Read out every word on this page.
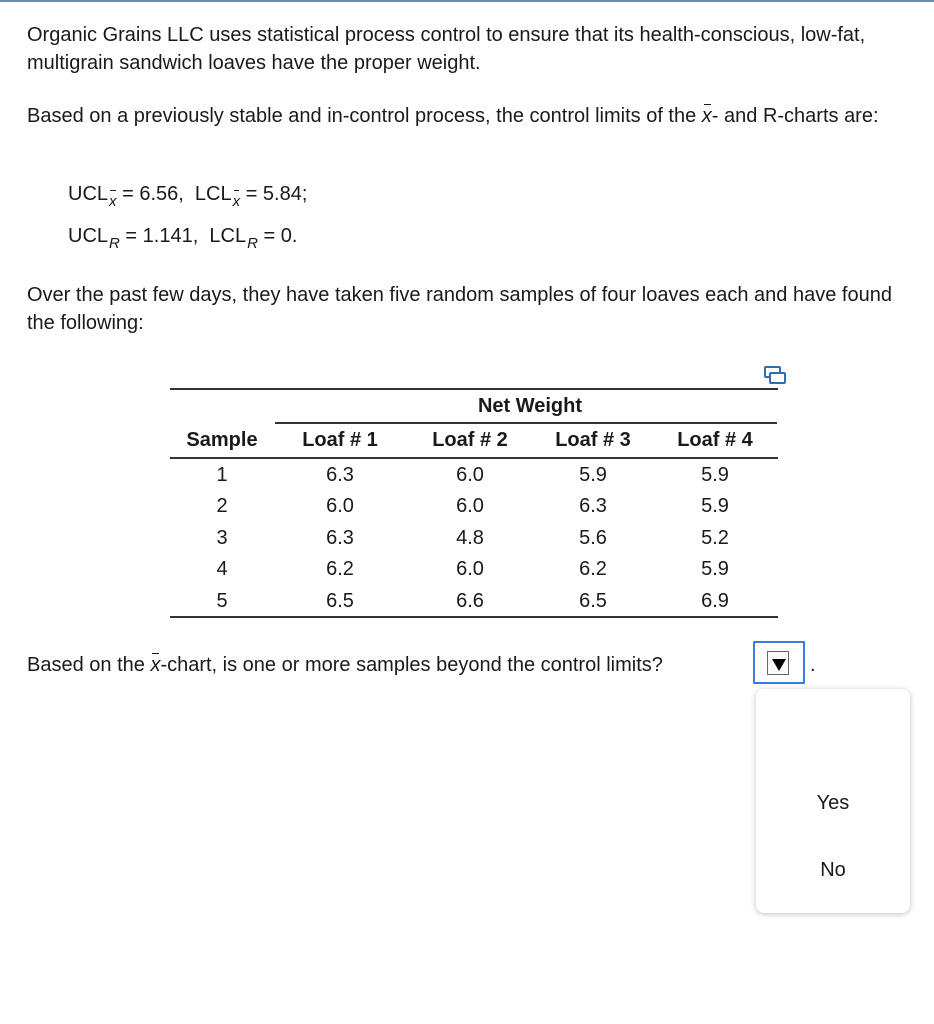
Organic Grains LLC uses statistical process control to ensure that its health-conscious, low-fat, multigrain sandwich loaves have the proper weight.

Based on a previously stable and in-control process, the control limits of the x- and R-charts are:

$UCL_x = 6.56$, $LCL_x = 5.84$;
$UCL_R = 1.141$, $LCL_R = 0$.

Over the past few days, they have taken five random samples of four loaves each and have found the following:

Net Weight
Sample	Loaf # 1	Loaf # 2	Loaf # 3	Loaf # 4
1	6.3	6.0	5.9	5.9
2	6.0	6.0	6.3	5.9
3	6.3	4.8	5.6	5.2
4	6.2	6.0	6.2	5.9
5	6.5	6.6	6.5	6.9
Based on the x-chart, is one or more samples beyond the control limits?	.
Yes
No
